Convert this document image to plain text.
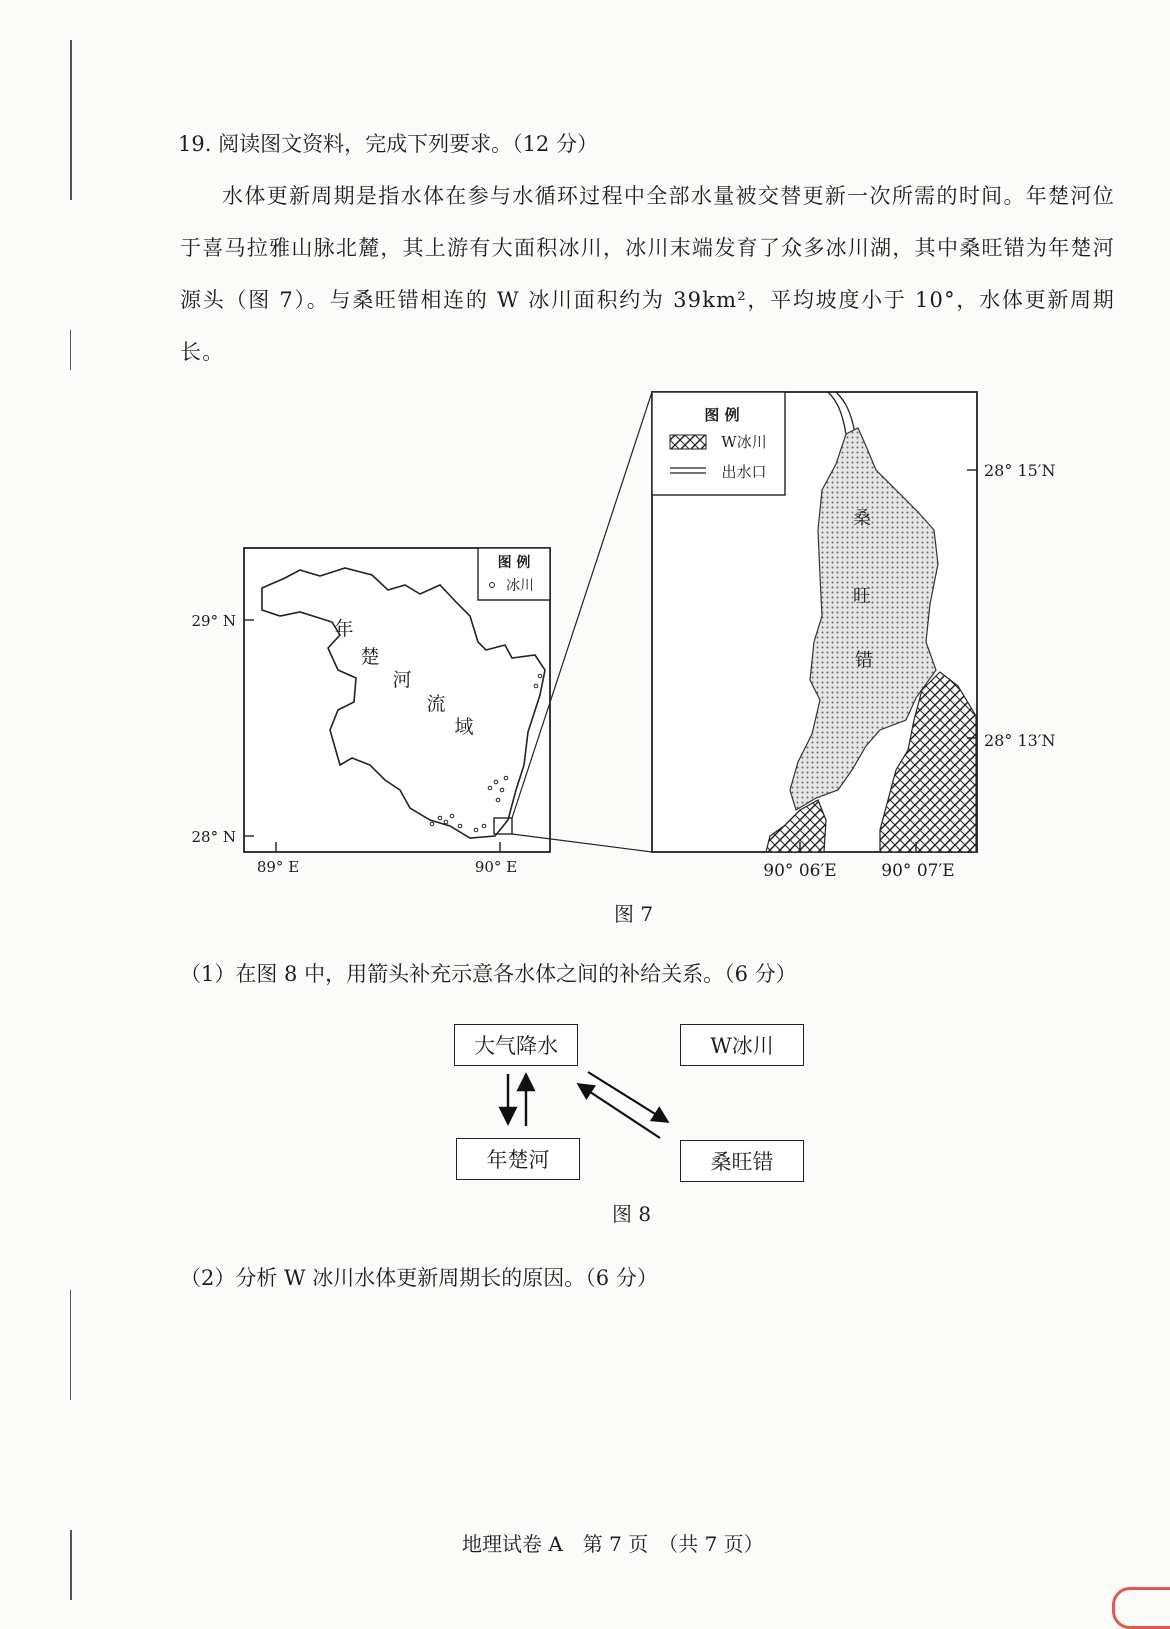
19. 阅读图文资料，完成下列要求。（12 分）

水体更新周期是指水体在参与水循环过程中全部水量被交替更新一次所需的时间。年楚河位于喜马拉雅山脉北麓，其上游有大面积冰川，冰川末端发育了众多冰川湖，其中桑旺错为年楚河源头（图 7）。与桑旺错相连的 W 冰川面积约为 39km²，平均坡度小于 10°，水体更新周期长。

图 例
冰川
年
楚
河
流
域
29° N
28° N
89° E	90° E
图 例
W冰川
出水口
桑
旺
错
28° 15′N
28° 13′N
90° 06′E	90° 07′E
图 7

（1）在图 8 中，用箭头补充示意各水体之间的补给关系。（6 分）

大气降水	W冰川
年楚河	桑旺错
图 8

（2）分析 W 冰川水体更新周期长的原因。（6 分）

地理试卷 A　第 7 页　（共 7 页）
